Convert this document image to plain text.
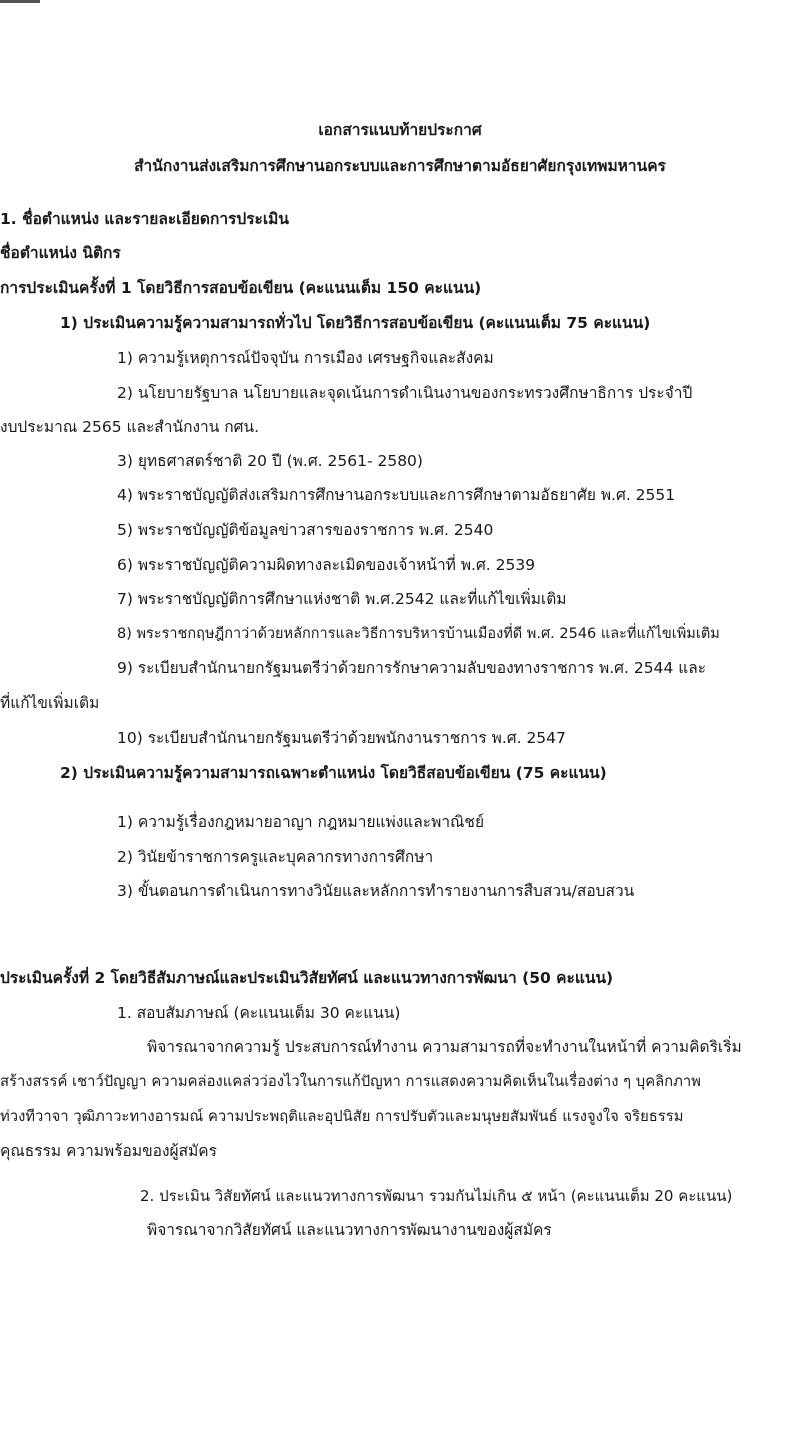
เอกสารแนบท้ายประกาศ
สำนักงานส่งเสริมการศึกษานอกระบบและการศึกษาตามอัธยาศัยกรุงเทพมหานคร
1. ชื่อตำแหน่ง และรายละเอียดการประเมิน
ชื่อตำแหน่ง นิติกร
การประเมินครั้งที่ 1 โดยวิธีการสอบข้อเขียน (คะแนนเต็ม 150 คะแนน)
1) ประเมินความรู้ความสามารถทั่วไป โดยวิธีการสอบข้อเขียน (คะแนนเต็ม 75 คะแนน)
1) ความรู้เหตุการณ์ปัจจุบัน การเมือง เศรษฐกิจและสังคม
2) นโยบายรัฐบาล นโยบายและจุดเน้นการดำเนินงานของกระทรวงศึกษาธิการ ประจำปี
งบประมาณ 2565 และสำนักงาน กศน.
3) ยุทธศาสตร์ชาติ 20 ปี (พ.ศ. 2561- 2580)
4) พระราชบัญญัติส่งเสริมการศึกษานอกระบบและการศึกษาตามอัธยาศัย พ.ศ. 2551
5) พระราชบัญญัติข้อมูลข่าวสารของราชการ พ.ศ. 2540
6) พระราชบัญญัติความผิดทางละเมิดของเจ้าหน้าที่ พ.ศ. 2539
7) พระราชบัญญัติการศึกษาแห่งชาติ พ.ศ.2542 และที่แก้ไขเพิ่มเติม
8) พระราชกฤษฎีกาว่าด้วยหลักการและวิธีการบริหารบ้านเมืองที่ดี พ.ศ. 2546 และที่แก้ไขเพิ่มเติม
9) ระเบียบสำนักนายกรัฐมนตรีว่าด้วยการรักษาความลับของทางราชการ พ.ศ. 2544 และ
ที่แก้ไขเพิ่มเติม
10) ระเบียบสำนักนายกรัฐมนตรีว่าด้วยพนักงานราชการ พ.ศ. 2547
2) ประเมินความรู้ความสามารถเฉพาะตำแหน่ง โดยวิธีสอบข้อเขียน (75 คะแนน)
1) ความรู้เรื่องกฎหมายอาญา กฎหมายแพ่งและพาณิชย์
2) วินัยข้าราชการครูและบุคลากรทางการศึกษา
3) ขั้นตอนการดำเนินการทางวินัยและหลักการทำรายงานการสืบสวน/สอบสวน
ประเมินครั้งที่ 2 โดยวิธีสัมภาษณ์และประเมินวิสัยทัศน์ และแนวทางการพัฒนา (50 คะแนน)
1. สอบสัมภาษณ์ (คะแนนเต็ม 30 คะแนน)
พิจารณาจากความรู้ ประสบการณ์ทำงาน ความสามารถที่จะทำงานในหน้าที่ ความคิดริเริ่ม
สร้างสรรค์ เชาว์ปัญญา ความคล่องแคล่วว่องไวในการแก้ปัญหา การแสดงความคิดเห็นในเรื่องต่าง ๆ บุคลิกภาพ
ท่วงทีวาจา วุฒิภาวะทางอารมณ์ ความประพฤติและอุปนิสัย การปรับตัวและมนุษยสัมพันธ์ แรงจูงใจ จริยธรรม
คุณธรรม ความพร้อมของผู้สมัคร
2. ประเมิน วิสัยทัศน์ และแนวทางการพัฒนา รวมกันไม่เกิน ๕ หน้า (คะแนนเต็ม 20 คะแนน)
พิจารณาจากวิสัยทัศน์ และแนวทางการพัฒนางานของผู้สมัคร
